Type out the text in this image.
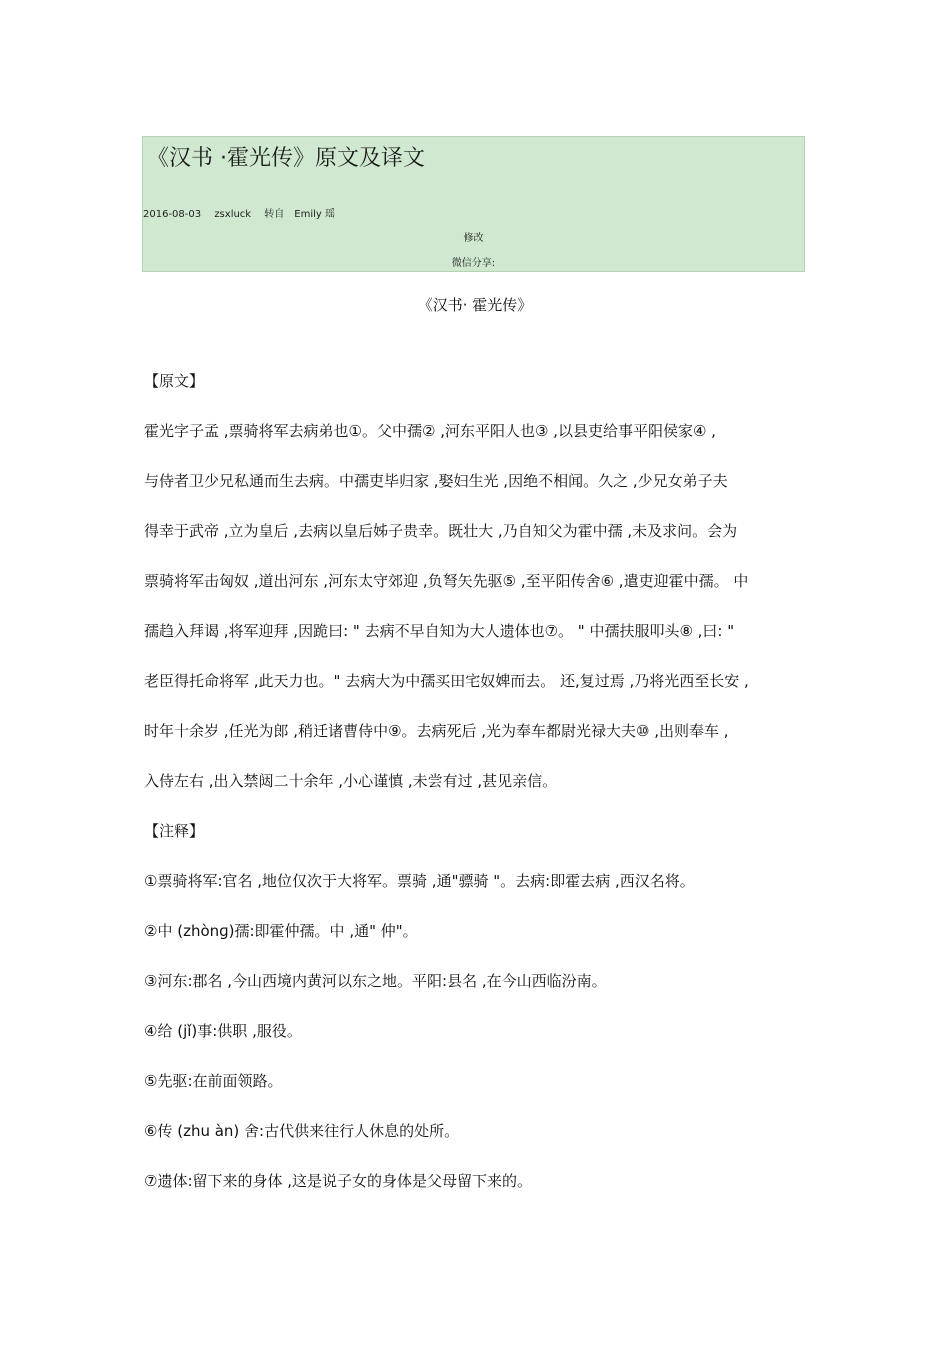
《汉书 ·霍光传》原文及译文
2016-08-03 zsxluck 转自 Emily 瑶
修改
微信分享:
《汉书· 霍光传》
【原文】
霍光字子孟 ,票骑将军去病弟也①。父中孺② ,河东平阳人也③ ,以县吏给事平阳侯家④ ,
与侍者卫少兄私通而生去病。中孺吏毕归家 ,娶妇生光 ,因绝不相闻。久之 ,少兄女弟子夫
得幸于武帝 ,立为皇后 ,去病以皇后姊子贵幸。既壮大 ,乃自知父为霍中孺 ,未及求问。会为
票骑将军击匈奴 ,道出河东 ,河东太守郊迎 ,负弩矢先驱⑤ ,至平阳传舍⑥ ,遣吏迎霍中孺。 中
孺趋入拜谒 ,将军迎拜 ,因跪曰: " 去病不早自知为大人遗体也⑦。 " 中孺扶服叩头⑧ ,曰: "
老臣得托命将军 ,此天力也。" 去病大为中孺买田宅奴婢而去。 还,复过焉 ,乃将光西至长安 ,
时年十余岁 ,任光为郎 ,稍迁诸曹侍中⑨。去病死后 ,光为奉车都尉光禄大夫⑩ ,出则奉车 ,
入侍左右 ,出入禁闼二十余年 ,小心谨慎 ,未尝有过 ,甚见亲信。
【注释】
①票骑将军:官名 ,地位仅次于大将军。票骑 ,通"骠骑 "。去病:即霍去病 ,西汉名将。
②中 (zhònɡ)孺:即霍仲孺。中 ,通" 仲"。
③河东:郡名 ,今山西境内黄河以东之地。平阳:县名 ,在今山西临汾南。
④给 (jǐ)事:供职 ,服役。
⑤先驱:在前面领路。
⑥传 (zhu àn) 舍:古代供来往行人休息的处所。
⑦遗体:留下来的身体 ,这是说子女的身体是父母留下来的。
